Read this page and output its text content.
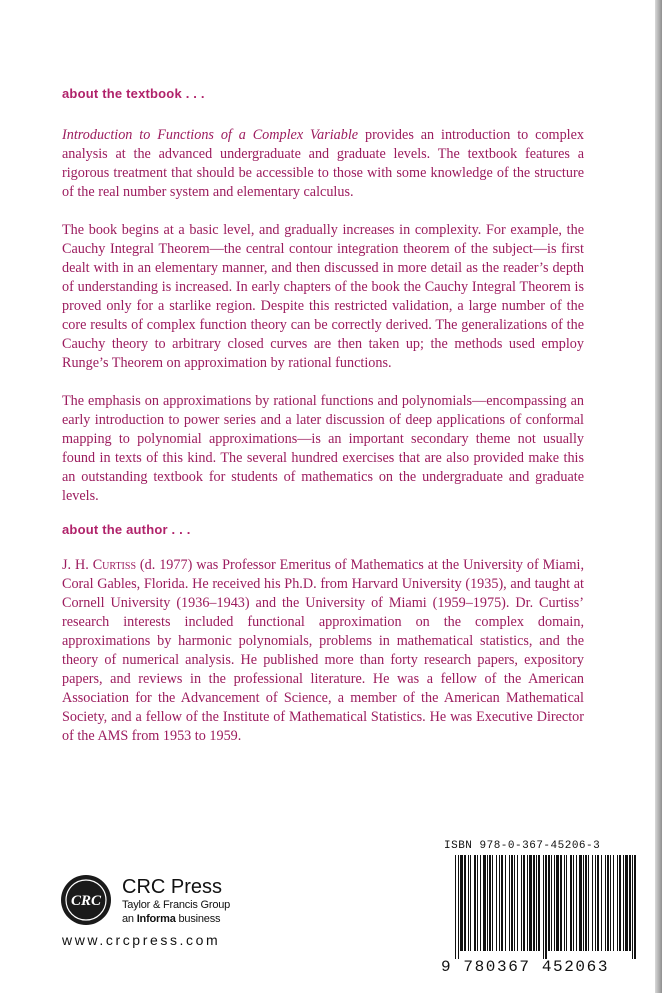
about the textbook . . .

Introduction to Functions of a Complex Variable provides an introduction to complex analysis at the advanced undergraduate and graduate levels. The textbook features a rigorous treatment that should be accessible to those with some knowledge of the structure of the real number system and elementary calculus.

The book begins at a basic level, and gradually increases in complexity. For example, the Cauchy Integral Theorem—the central contour integration theorem of the subject—is first dealt with in an elementary manner, and then discussed in more detail as the reader’s depth of understanding is increased. In early chapters of the book the Cauchy Integral Theorem is proved only for a starlike region. Despite this restricted validation, a large number of the core results of complex function theory can be correctly derived. The generalizations of the Cauchy theory to arbitrary closed curves are then taken up; the methods used employ Runge’s Theorem on approximation by rational functions.

The emphasis on approximations by rational functions and polynomials—encompassing an early introduction to power series and a later discussion of deep applications of conformal mapping to polynomial approximations—is an important secondary theme not usually found in texts of this kind. The several hundred exercises that are also provided make this an outstanding textbook for students of mathematics on the undergraduate and graduate levels.

about the author . . .

J. H. Curtiss (d. 1977) was Professor Emeritus of Mathematics at the University of Miami, Coral Gables, Florida. He received his Ph.D. from Harvard University (1935), and taught at Cornell University (1936–1943) and the University of Miami (1959–1975). Dr. Curtiss’ research interests included functional approximation on the complex domain, approximations by harmonic polynomials, problems in mathematical statistics, and the theory of numerical analysis. He published more than forty research papers, expository papers, and reviews in the professional literature. He was a fellow of the American Association for the Advancement of Science, a member of the American Mathematical Society, and a fellow of the Institute of Mathematical Statistics. He was Executive Director of the AMS from 1953 to 1959.

CRC
CRC Press
Taylor & Francis Group
an Informa business
www.crcpress.com
ISBN 978-0-367-45206-3
9 780367 452063
